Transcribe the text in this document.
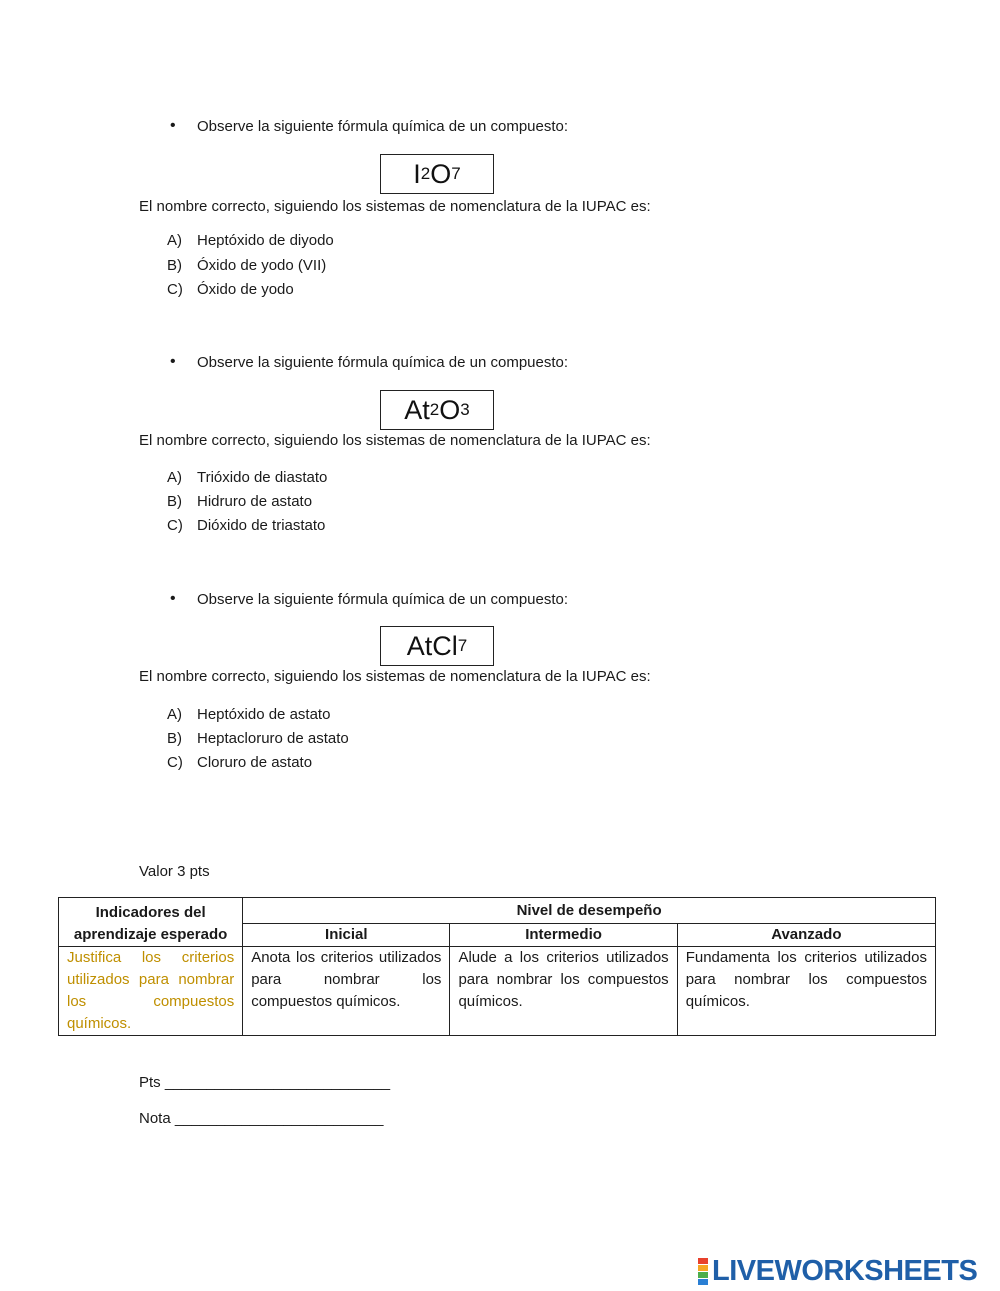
• Observe la siguiente fórmula química de un compuesto:
I 2 O 7
El nombre correcto, siguiendo los sistemas de nomenclatura de la IUPAC es:
A) Heptóxido de diyodo
B) Óxido de yodo (VII)
C) Óxido de yodo
• Observe la siguiente fórmula química de un compuesto:
At 2 O 3
El nombre correcto, siguiendo los sistemas de nomenclatura de la IUPAC es:
A) Trióxido de diastato
B) Hidruro de astato
C) Dióxido de triastato
• Observe la siguiente fórmula química de un compuesto:
AtCl 7
El nombre correcto, siguiendo los sistemas de nomenclatura de la IUPAC es:
A) Heptóxido de astato
B) Heptacloruro de astato
C) Cloruro de astato
Valor 3 pts
Indicadores del aprendizaje esperado	Nivel de desempeño		
	Inicial	Intermedio	Avanzado
Justifica los criterios utilizados para nombrar los compuestos químicos.	Anota los criterios utilizados para nombrar los compuestos químicos.	Alude a los criterios utilizados para nombrar los compuestos químicos.	Fundamenta los criterios utilizados para nombrar los compuestos químicos.
Pts ___________________________
Nota _________________________
LIVEWORKSHEETS
